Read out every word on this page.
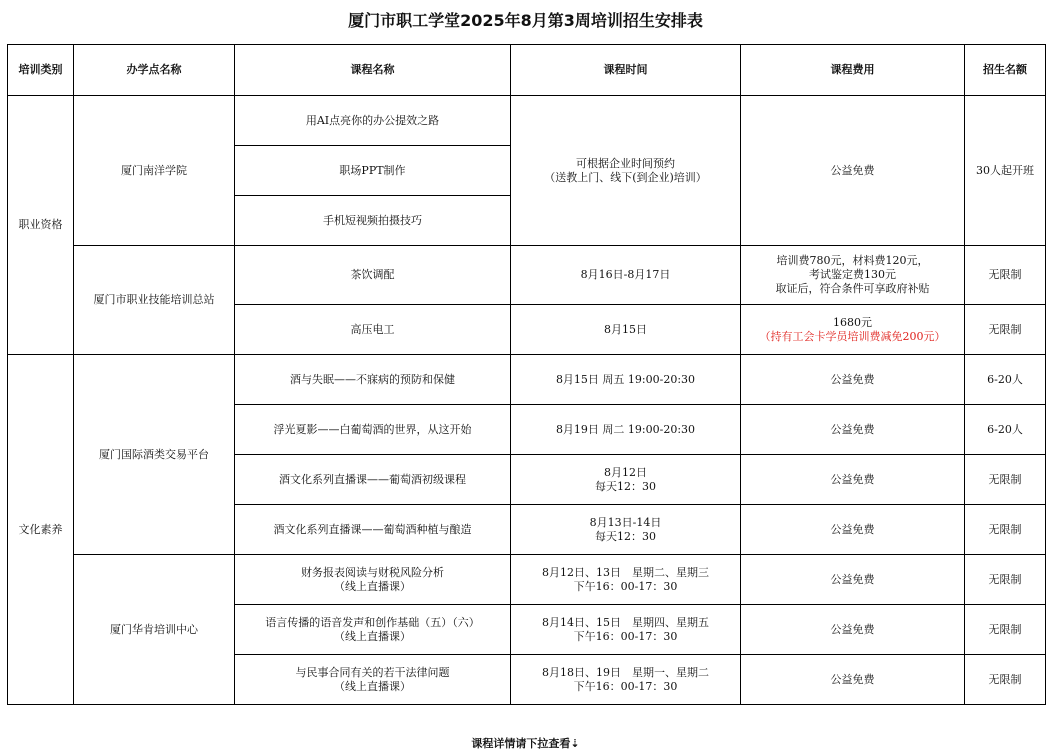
厦门市职工学堂2025年8月第3周培训招生安排表
培训类别	办学点名称	课程名称	课程时间	课程费用	招生名额
职业资格	厦门南洋学院	用AI点亮你的办公提效之路	可根据企业时间预约
（送教上门、线下(到企业)培训）	公益免费	30人起开班
		职场PPT制作			
		手机短视频拍摄技巧			
	厦门市职业技能培训总站	茶饮调配	8月16日-8月17日	培训费780元，材料费120元，
考试鉴定费130元
取证后，符合条件可享政府补贴	无限制
		高压电工	8月15日	1680元
（持有工会卡学员培训费减免200元）	无限制
文化素养	厦门国际酒类交易平台	酒与失眠——不寐病的预防和保健	8月15日 周五 19:00-20:30	公益免费	6-20人
		浮光夏影——白葡萄酒的世界，从这开始	8月19日 周二 19:00-20:30	公益免费	6-20人
		酒文化系列直播课——葡萄酒初级课程	8月12日
每天12：30	公益免费	无限制
		酒文化系列直播课——葡萄酒种植与酿造	8月13日-14日
每天12：30	公益免费	无限制
	厦门华肯培训中心	财务报表阅读与财税风险分析
（线上直播课）	8月12日、13日　星期二、星期三
下午16：00-17：30	公益免费	无限制

		语言传播的语音发声和创作基础（五）（六）
（线上直播课）	8月14日、15日　星期四、星期五
下午16：00-17：30	公益免费	无限制

		与民事合同有关的若干法律问题
（线上直播课）	8月18日、19日　星期一、星期二
下午16：00-17：30	公益免费	无限制
课程详情请下拉查看⇣
